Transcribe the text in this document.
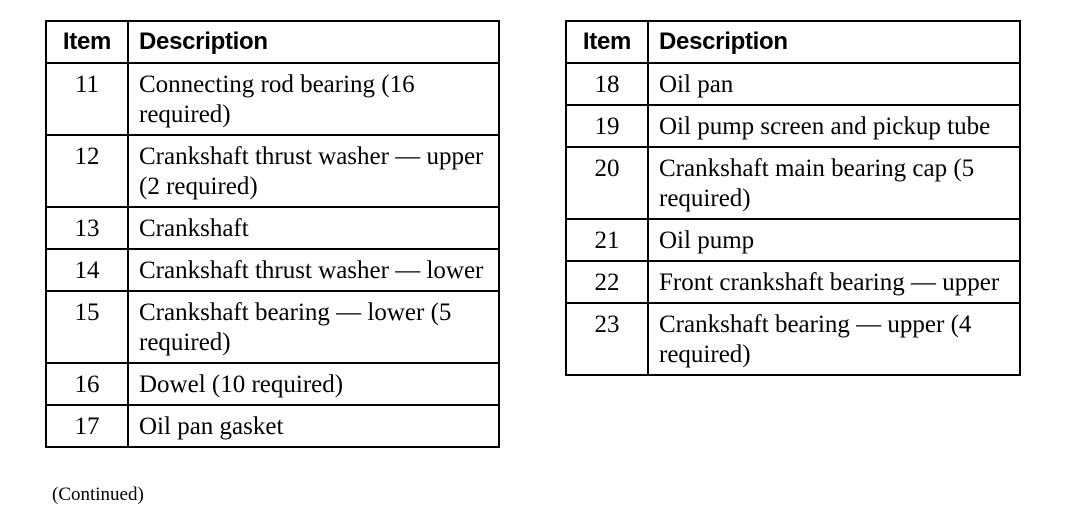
Item	Description
11	Connecting rod bearing (16 required)
12	Crankshaft thrust washer — upper (2 required)
13	Crankshaft
14	Crankshaft thrust washer — lower
15	Crankshaft bearing — lower (5 required)
16	Dowel (10 required)
17	Oil pan gasket
(Continued)
Item	Description
18	Oil pan
19	Oil pump screen and pickup tube
20	Crankshaft main bearing cap (5 required)
21	Oil pump
22	Front crankshaft bearing — upper
23	Crankshaft bearing — upper (4 required)
